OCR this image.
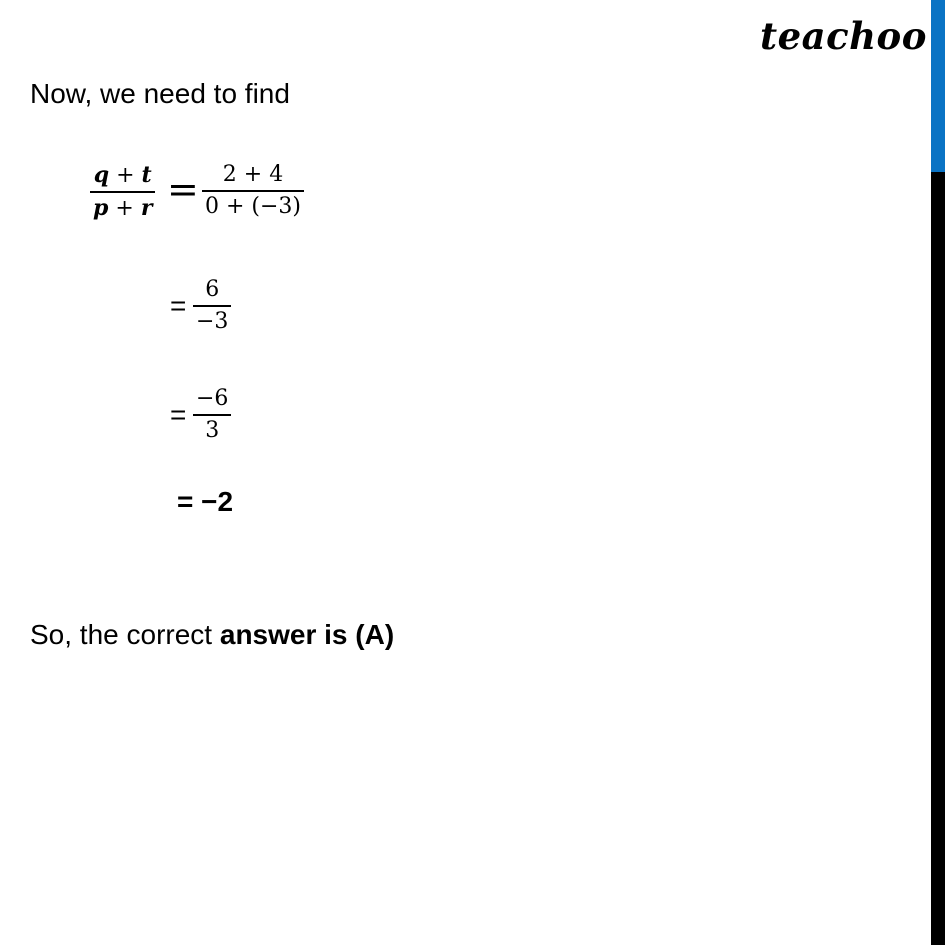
teachoo
Now, we need to find
q + t
p + r = 2 + 4
0 + (−3)
=
6
−3
=
−6
3
= −2
So, the correct answer is (A)
